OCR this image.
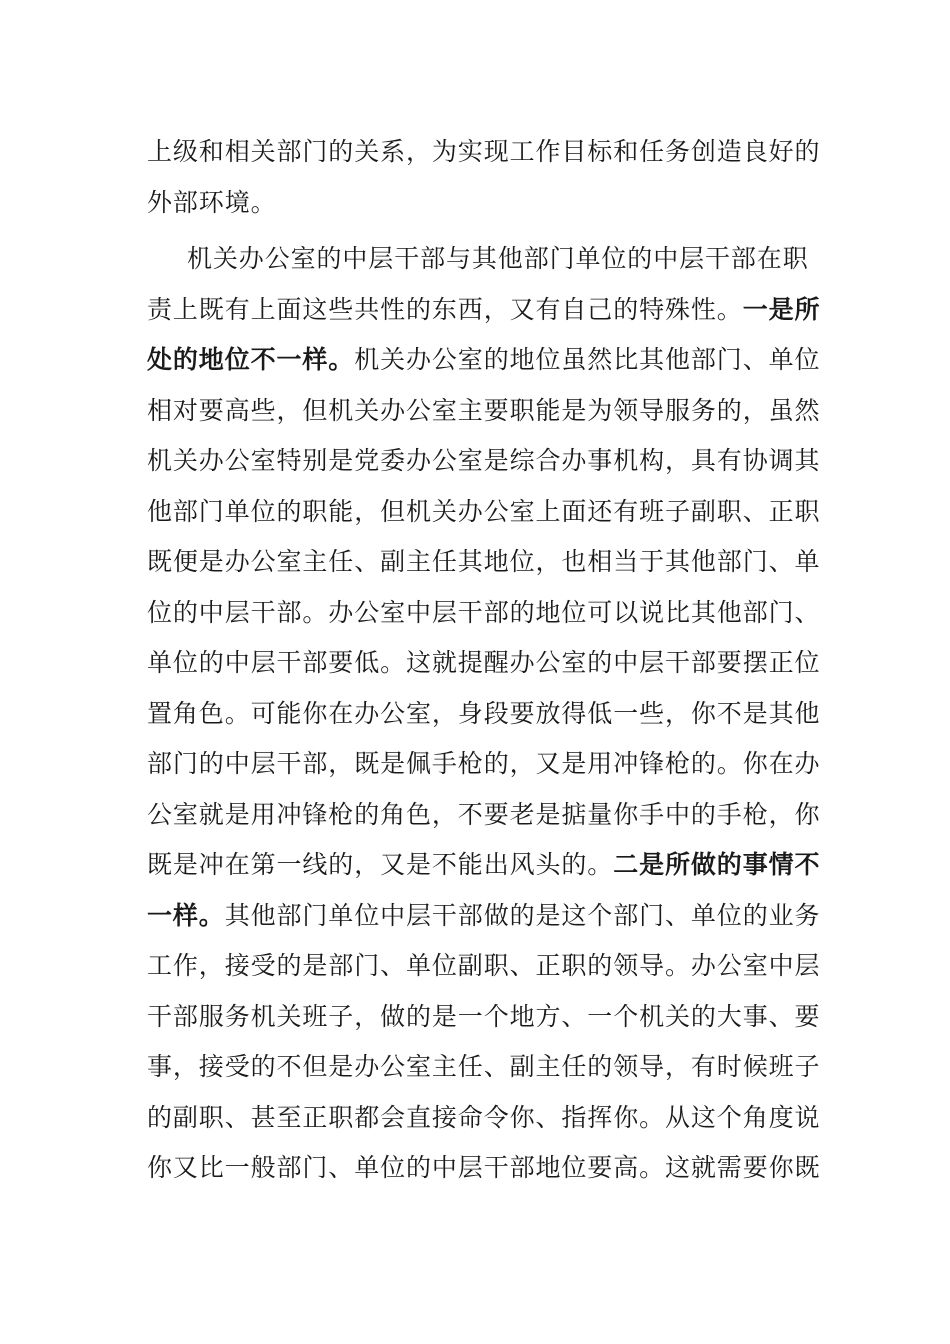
上级和相关部门的关系，为实现工作目标和任务创造良好的
外部环境。
机关办公室的中层干部与其他部门单位的中层干部在职
责上既有上面这些共性的东西，又有自己的特殊性。一是所
处的地位不一样。机关办公室的地位虽然比其他部门、单位
相对要高些，但机关办公室主要职能是为领导服务的，虽然
机关办公室特别是党委办公室是综合办事机构，具有协调其
他部门单位的职能，但机关办公室上面还有班子副职、正职
既便是办公室主任、副主任其地位，也相当于其他部门、单
位的中层干部。办公室中层干部的地位可以说比其他部门、
单位的中层干部要低。这就提醒办公室的中层干部要摆正位
置角色。可能你在办公室，身段要放得低一些，你不是其他
部门的中层干部，既是佩手枪的，又是用冲锋枪的。你在办
公室就是用冲锋枪的角色，不要老是掂量你手中的手枪，你
既是冲在第一线的，又是不能出风头的。二是所做的事情不
一样。其他部门单位中层干部做的是这个部门、单位的业务
工作，接受的是部门、单位副职、正职的领导。办公室中层
干部服务机关班子，做的是一个地方、一个机关的大事、要
事，接受的不但是办公室主任、副主任的领导，有时候班子
的副职、甚至正职都会直接命令你、指挥你。从这个角度说
你又比一般部门、单位的中层干部地位要高。这就需要你既
